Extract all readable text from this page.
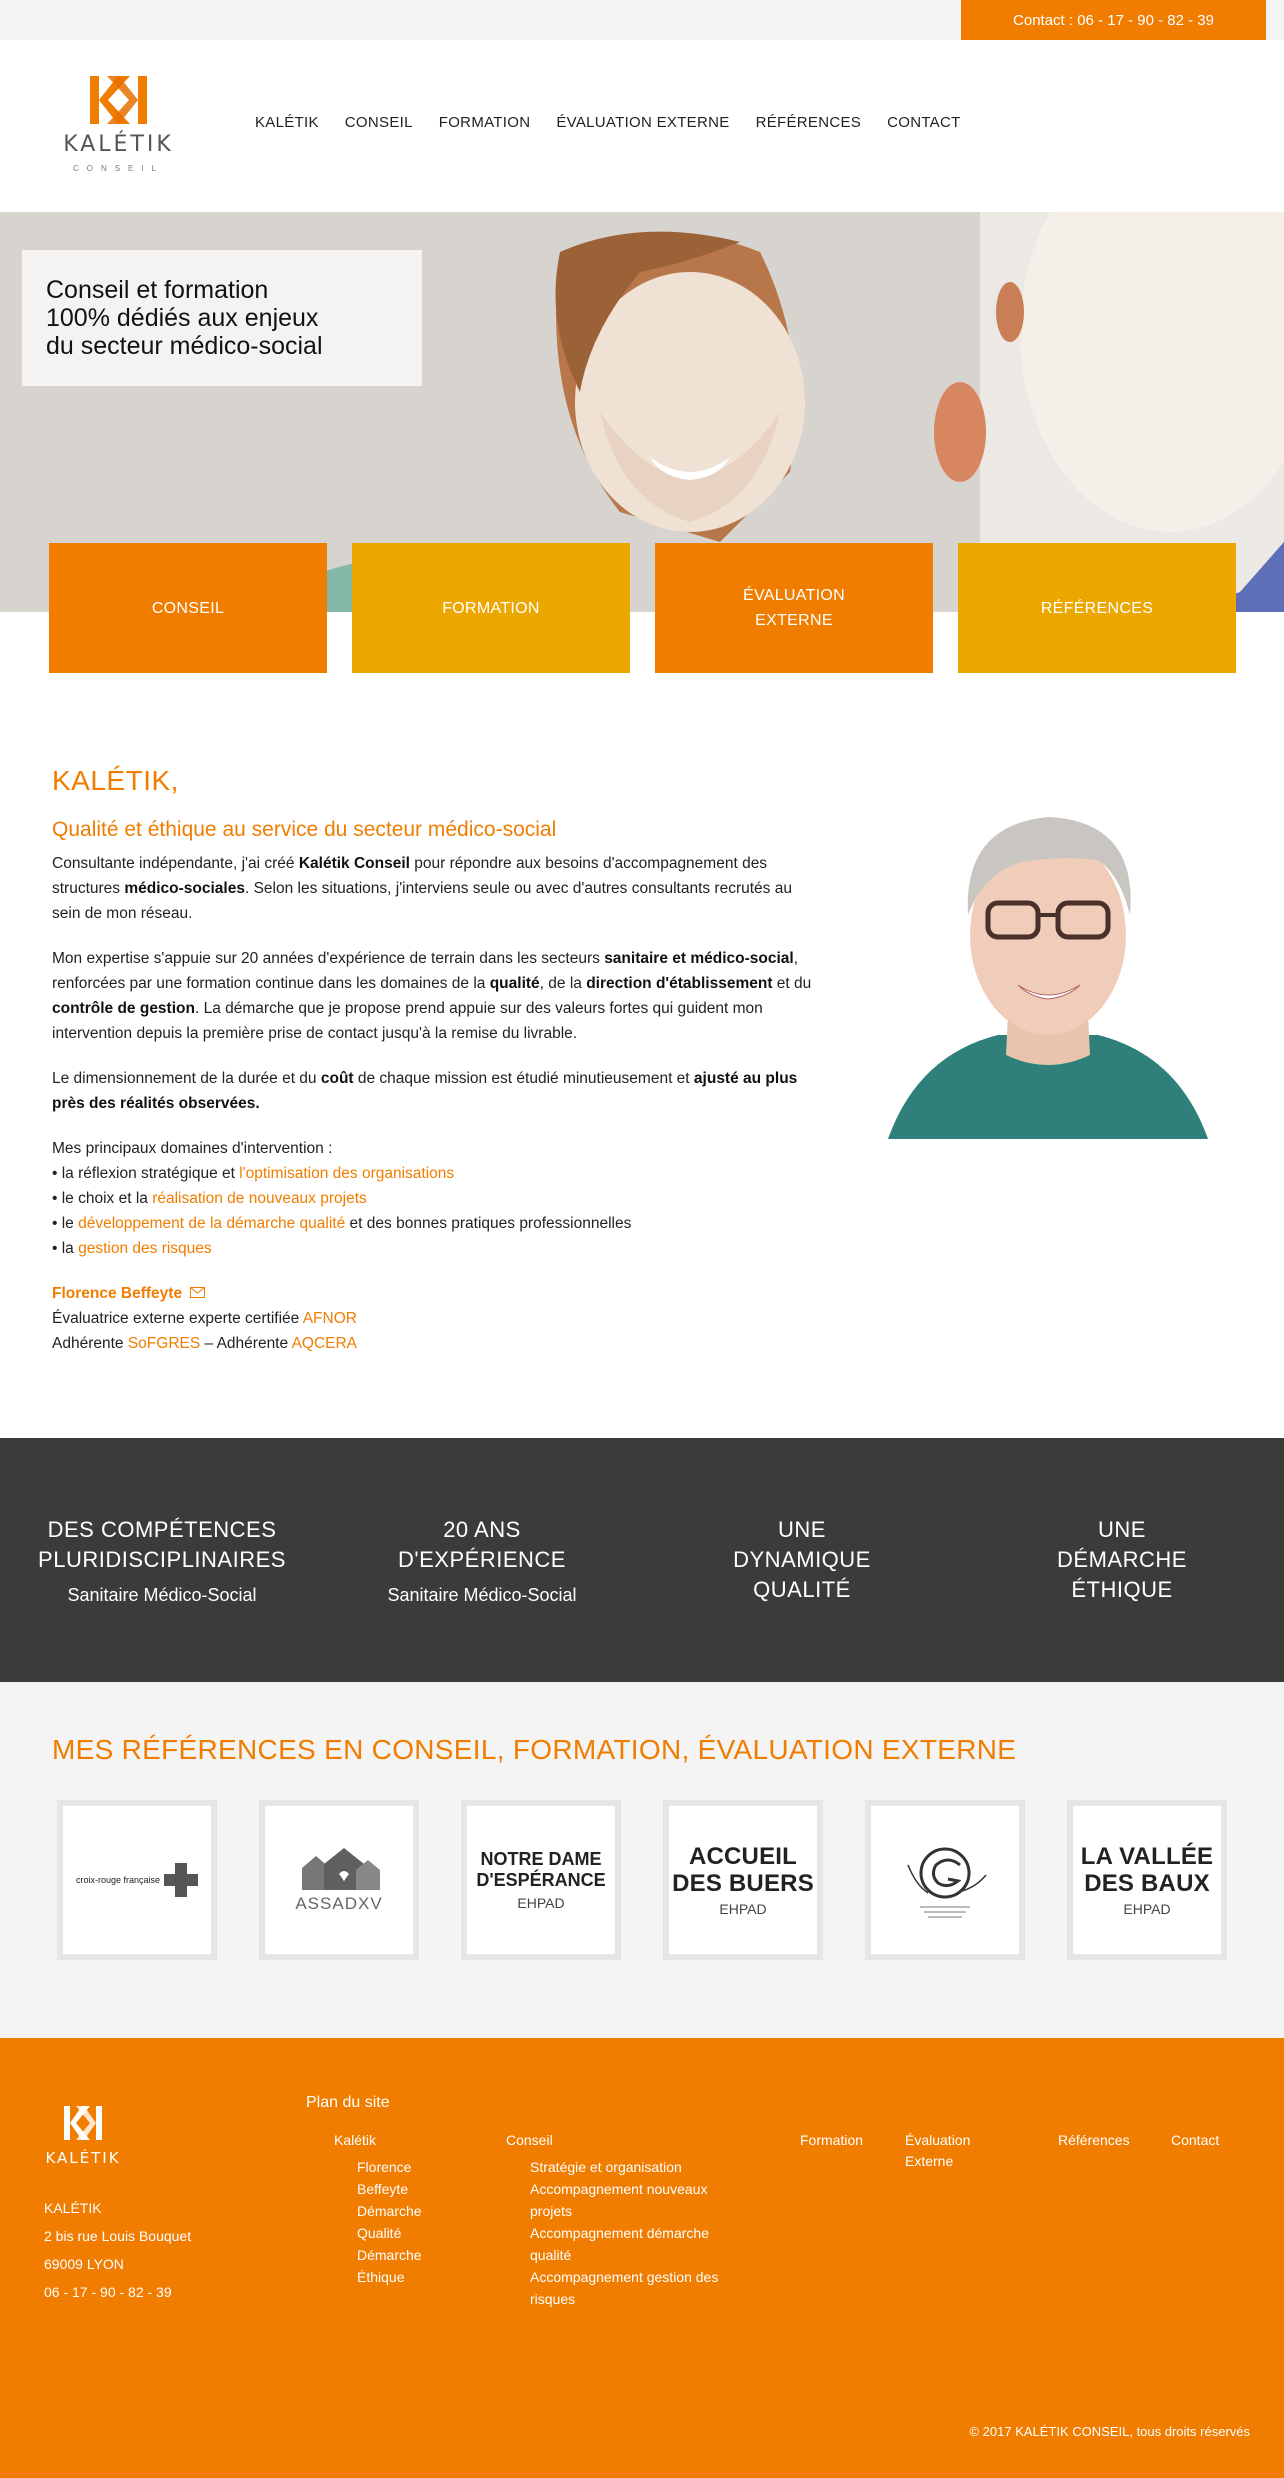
Contact : 06 - 17 - 90 - 82 - 39
KALÉTIK
CONSEIL
KALÉTIK CONSEIL FORMATION ÉVALUATION EXTERNE RÉFÉRENCES CONTACT

Conseil et formation

100% dédiés aux enjeux

du secteur médico-social

CONSEIL	FORMATION
ÉVALUATION
EXTERNE
RÉFÉRENCES
KALÉTIK,
Qualité et éthique au service du secteur médico-social

Consultante indépendante, j'ai créé Kalétik Conseil pour répondre aux besoins d'accompagnement des structures médico-sociales. Selon les situations, j'interviens seule ou avec d'autres consultants recrutés au sein de mon réseau.

Mon expertise s'appuie sur 20 années d'expérience de terrain dans les secteurs sanitaire et médico-social, renforcées par une formation continue dans les domaines de la qualité, de la direction d'établissement et du contrôle de gestion. La démarche que je propose prend appuie sur des valeurs fortes qui guident mon intervention depuis la première prise de contact jusqu'à la remise du livrable.

Le dimensionnement de la durée et du coût de chaque mission est étudié minutieusement et ajusté au plus près des réalités observées.

Mes principaux domaines d'intervention :
• la réflexion stratégique et l'optimisation des organisations
• le choix et la réalisation de nouveaux projets
• le développement de la démarche qualité et des bonnes pratiques professionnelles
• la gestion des risques

Florence Beffeyte
Évaluatrice externe experte certifiée AFNOR
Adhérente SoFGRES – Adhérente AQCERA

DES COMPÉTENCES
PLURIDISCIPLINAIRES
Sanitaire Médico-Social
20 ANS
D'EXPÉRIENCE
Sanitaire Médico-Social
UNE
DYNAMIQUE
QUALITÉ
UNE
DÉMARCHE
ÉTHIQUE
MES RÉFÉRENCES EN CONSEIL, FORMATION, ÉVALUATION EXTERNE
croix-rouge française
ASSADXV
NOTRE DAME
D'ESPÉRANCE
EHPAD
ACCUEIL
DES BUERS
EHPAD
LA VALLÉE
DES BAUX
EHPAD
KALÉTIK
KALÉTIK
2 bis rue Louis Bouquet
69009 LYON
06 - 17 - 90 - 82 - 39
Plan du site
Kalétik
Florence
Beffeyte
Démarche
Qualité
Démarche
Éthique
Conseil
Stratégie et organisation
Accompagnement nouveaux
projets
Accompagnement démarche
qualité
Accompagnement gestion des
risques
Formation	Évaluation
Externe
Références	Contact
© 2017 KALÉTIK CONSEIL, tous droits réservés
